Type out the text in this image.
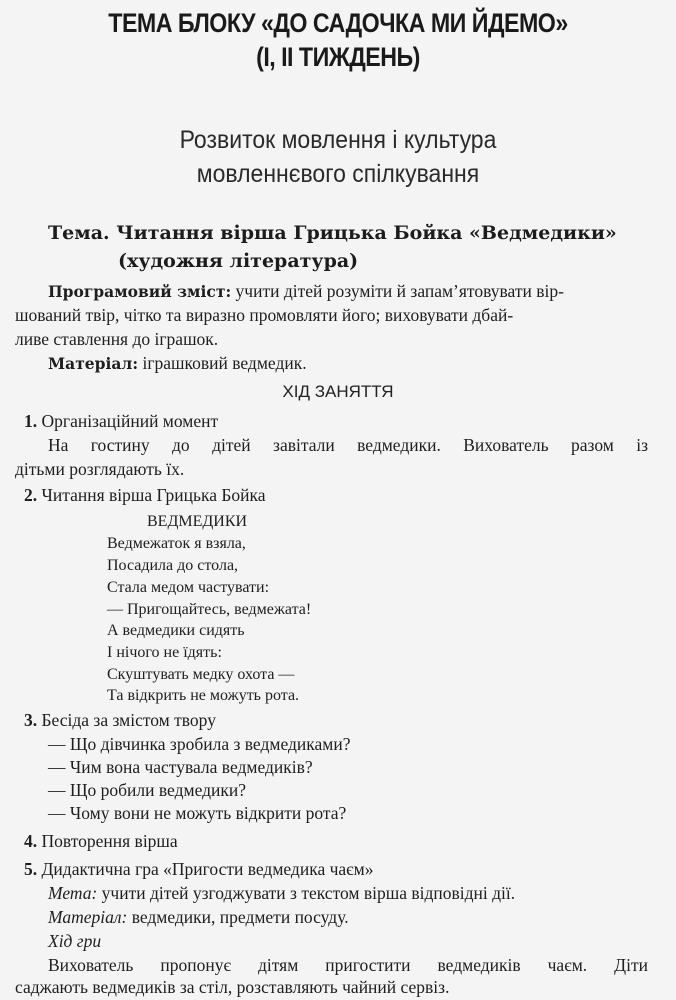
ТЕМА БЛОКУ «ДО САДОЧКА МИ ЙДЕМО»
(І, ІІ ТИЖДЕНЬ)
Розвиток мовлення і культура
мовленнєвого спілкування
Тема. Читання вірша Грицька Бойка «Ведмедики»
(художня література)
Програмовий зміст: учити дітей розуміти й запам’ятовувати вір-
шований твір, чітко та виразно промовляти його; виховувати дбай-
ливе ставлення до іграшок.
Матеріал: іграшковий ведмедик.
ХІД ЗАНЯТТЯ
1. Організаційний момент
На гостину до дітей завітали ведмедики. Вихователь разом із
дітьми розглядають їх.
2. Читання вірша Грицька Бойка
ВЕДМЕДИКИ
Ведмежаток я взяла,
Посадила до стола,
Стала медом частувати:
— Пригощайтесь, ведмежата!
А ведмедики сидять
І нічого не їдять:
Скуштувать медку охота —
Та відкрить не можуть рота.
3. Бесіда за змістом твору
— Що дівчинка зробила з ведмедиками?
— Чим вона частувала ведмедиків?
— Що робили ведмедики?
— Чому вони не можуть відкрити рота?
4. Повторення вірша
5. Дидактична гра «Пригости ведмедика чаєм»
Мета: учити дітей узгоджувати з текстом вірша відповідні дії.
Матеріал: ведмедики, предмети посуду.
Хід гри
Вихователь пропонує дітям пригостити ведмедиків чаєм. Діти
саджають ведмедиків за стіл, розставляють чайний сервіз.
